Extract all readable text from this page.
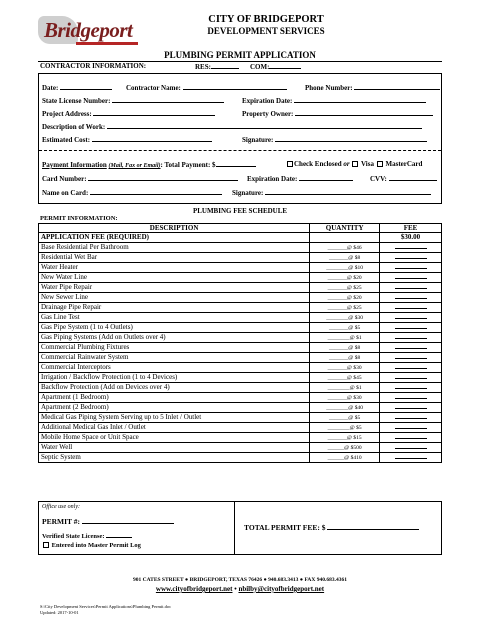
Bridgeport	CITY OF BRIDGEPORT
DEVELOPMENT SERVICES
PLUMBING PERMIT APPLICATION
CONTRACTOR INFORMATION:	RES:	COM:
Date:	Contractor Name:	Phone Number:
State License Number:	Expiration Date:
Project Address:	Property Owner:
Description of Work:
Estimated Cost:	Signature:
Payment Information (Mail, Fax or Email): Total Payment: $	Check Enclosed or Visa MasterCard
Card Number:	Expiration Date:	CVV:
Name on Card:	Signature:
PLUMBING FEE SCHEDULE
PERMIT INFORMATION:
DESCRIPTION	QUANTITY	FEE
APPLICATION FEE (REQUIRED)		$30.00
Base Residential Per Bathroom	_______@ $46	
Residential Wet Bar	_______@ $8	
Water Heater	________@ $10	
New Water Line	_______@ $20	
Water Pipe Repair	_______@ $25	
New Sewer Line	_______@ $20	
Drainage Pipe Repair	_______@ $25	
Gas Line Test	________@ $30	
Gas Pipe System (1 to 4 Outlets)	_______@ $5	
Gas Piping Systems (Add on Outlets over 4)	________@ $1	
Commercial Plumbing Fixtures	_______@ $8	
Commercial Rainwater System	_______@ $8	
Commercial Interceptors	_______@ $30	
Irrigation / Backflow Protection (1 to 4 Devices)	_______@ $45	
Backflow Protection (Add on Devices over 4)	________@ $1	
Apartment (1 Bedroom)	_______@ $30	
Apartment (2 Bedroom)	________@ $40	
Medical Gas Piping System Serving up to 5 Inlet / Outlet	_______@ $5	
Additional Medical Gas Inlet / Outlet	________@ $5	
Mobile Home Space or Unit Space	_______@ $15	
Water Well	______@ $500	
Septic System	______@ $410	
Office use only:
PERMIT #:
Verified State License:
Entered into Master Permit Log
TOTAL PERMIT FEE: $
901 CATES STREET ● BRIDGEPORT, TEXAS 76426 ● 940.683.3413 ● FAX 940.683.4361
www.cityofbridgeport.net • nbilby@cityofbridgeport.net
S:\City Development Services\Permit Applications\Plumbing Permit.doc
Updated: 2017-10-01
